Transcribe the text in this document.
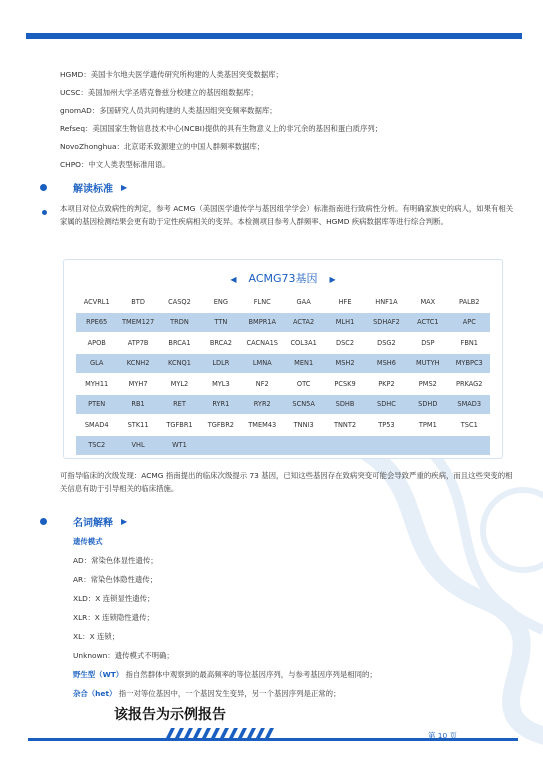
HGMD：美国卡尔地夫医学遗传研究所构建的人类基因突变数据库；
UCSC：美国加州大学圣塔克鲁兹分校建立的基因组数据库；
gnomAD：多国研究人员共同构建的人类基因组突变频率数据库；
Refseq：美国国家生物信息技术中心(NCBI)提供的具有生物意义上的非冗余的基因和蛋白质序列；
NovoZhonghua：北京诺禾致源建立的中国人群频率数据库；
CHPO：中文人类表型标准用语。
解读标准 ▶
本项目对位点致病性的判定，参考 ACMG（美国医学遗传学与基因组学学会）标准指南进行致病性分析。有明确家族史的病人，如果有相关家属的基因检测结果会更有助于定性疾病相关的变异。本检测项目参考人群频率、HGMD 疾病数据库等进行综合判断。
◀ ACMG73基因 ▶
ACVRL1	BTD	CASQ2	ENG	FLNC	GAA	HFE	HNF1A	MAX	PALB2
RPE65	TMEM127	TRDN	TTN	BMPR1A	ACTA2	MLH1	SDHAF2	ACTC1	APC
APOB	ATP7B	BRCA1	BRCA2	CACNA1S	COL3A1	DSC2	DSG2	DSP	FBN1
GLA	KCNH2	KCNQ1	LDLR	LMNA	MEN1	MSH2	MSH6	MUTYH	MYBPC3
MYH11	MYH7	MYL2	MYL3	NF2	OTC	PCSK9	PKP2	PMS2	PRKAG2
PTEN	RB1	RET	RYR1	RYR2	SCN5A	SDHB	SDHC	SDHD	SMAD3
SMAD4	STK11	TGFBR1	TGFBR2	TMEM43	TNNI3	TNNT2	TP53	TPM1	TSC1
TSC2	VHL	WT1							
可指导临床的次级发现：ACMG 指南提出的临床次级提示 73 基因，已知这些基因存在致病突变可能会导致严重的疾病，而且这些突变的相关信息有助于引导相关的临床措施。
名词解释 ▶
遗传模式
AD：常染色体显性遗传；
AR：常染色体隐性遗传；
XLD：X 连锁显性遗传；
XLR：X 连锁隐性遗传；
XL：X 连锁；
Unknown：遗传模式不明确；
野生型（WT） 指自然群体中观察到的最高频率的等位基因序列，与参考基因序列是相同的；
杂合（het） 指一对等位基因中，一个基因发生变异，另一个基因序列是正常的；
该报告为示例报告
第 10 页
